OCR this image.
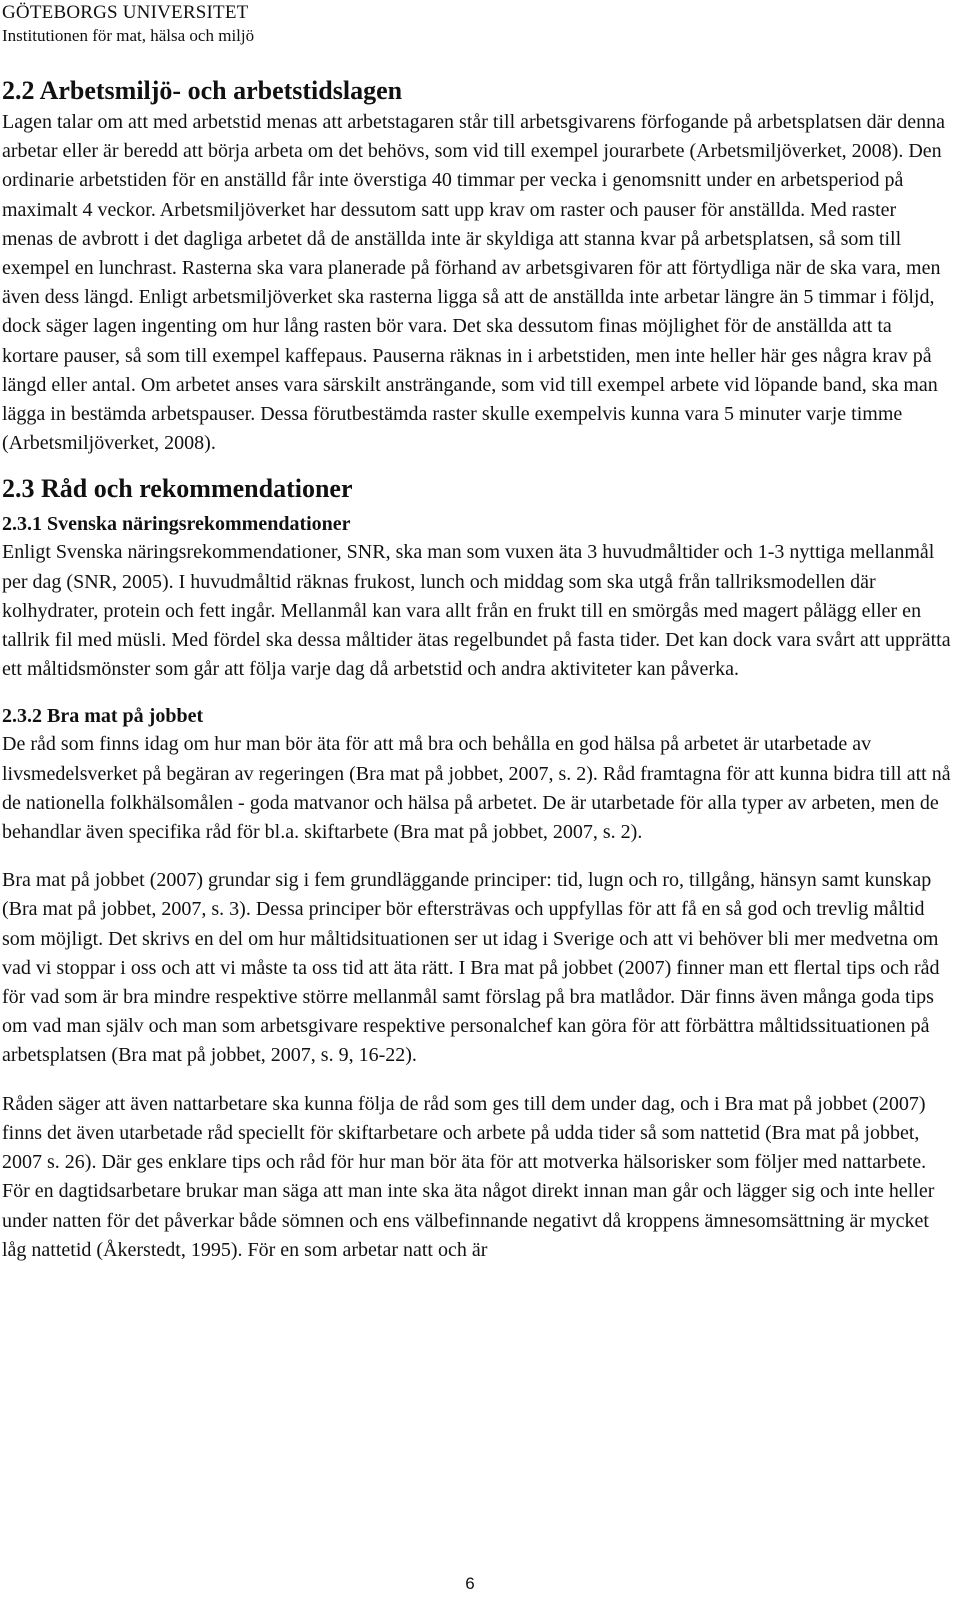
GÖTEBORGS UNIVERSITET
Institutionen för mat, hälsa och miljö
2.2 Arbetsmiljö- och arbetstidslagen

Lagen talar om att med arbetstid menas att arbetstagaren står till arbetsgivarens förfogande på arbetsplatsen där denna arbetar eller är beredd att börja arbeta om det behövs, som vid till exempel jourarbete (Arbetsmiljöverket, 2008). Den ordinarie arbetstiden för en anställd får inte överstiga 40 timmar per vecka i genomsnitt under en arbetsperiod på maximalt 4 veckor. Arbetsmiljöverket har dessutom satt upp krav om raster och pauser för anställda. Med raster menas de avbrott i det dagliga arbetet då de anställda inte är skyldiga att stanna kvar på arbetsplatsen, så som till exempel en lunchrast. Rasterna ska vara planerade på förhand av arbetsgivaren för att förtydliga när de ska vara, men även dess längd. Enligt arbetsmiljöverket ska rasterna ligga så att de anställda inte arbetar längre än 5 timmar i följd, dock säger lagen ingenting om hur lång rasten bör vara. Det ska dessutom finas möjlighet för de anställda att ta kortare pauser, så som till exempel kaffepaus. Pauserna räknas in i arbetstiden, men inte heller här ges några krav på längd eller antal. Om arbetet anses vara särskilt ansträngande, som vid till exempel arbete vid löpande band, ska man lägga in bestämda arbetspauser. Dessa förutbestämda raster skulle exempelvis kunna vara 5 minuter varje timme (Arbetsmiljöverket, 2008).

2.3 Råd och rekommendationer
2.3.1 Svenska näringsrekommendationer

Enligt Svenska näringsrekommendationer, SNR, ska man som vuxen äta 3 huvudmåltider och 1-3 nyttiga mellanmål per dag (SNR, 2005). I huvudmåltid räknas frukost, lunch och middag som ska utgå från tallriksmodellen där kolhydrater, protein och fett ingår. Mellanmål kan vara allt från en frukt till en smörgås med magert pålägg eller en tallrik fil med müsli. Med fördel ska dessa måltider ätas regelbundet på fasta tider. Det kan dock vara svårt att upprätta ett måltidsmönster som går att följa varje dag då arbetstid och andra aktiviteter kan påverka.

2.3.2 Bra mat på jobbet

De råd som finns idag om hur man bör äta för att må bra och behålla en god hälsa på arbetet är utarbetade av livsmedelsverket på begäran av regeringen (Bra mat på jobbet, 2007, s. 2). Råd framtagna för att kunna bidra till att nå de nationella folkhälsomålen - goda matvanor och hälsa på arbetet. De är utarbetade för alla typer av arbeten, men de behandlar även specifika råd för bl.a. skiftarbete (Bra mat på jobbet, 2007, s. 2).

Bra mat på jobbet (2007) grundar sig i fem grundläggande principer: tid, lugn och ro, tillgång, hänsyn samt kunskap (Bra mat på jobbet, 2007, s. 3). Dessa principer bör eftersträvas och uppfyllas för att få en så god och trevlig måltid som möjligt. Det skrivs en del om hur måltidsituationen ser ut idag i Sverige och att vi behöver bli mer medvetna om vad vi stoppar i oss och att vi måste ta oss tid att äta rätt. I Bra mat på jobbet (2007) finner man ett flertal tips och råd för vad som är bra mindre respektive större mellanmål samt förslag på bra matlådor. Där finns även många goda tips om vad man själv och man som arbetsgivare respektive personalchef kan göra för att förbättra måltidssituationen på arbetsplatsen (Bra mat på jobbet, 2007, s. 9, 16-22).

Råden säger att även nattarbetare ska kunna följa de råd som ges till dem under dag, och i Bra mat på jobbet (2007) finns det även utarbetade råd speciellt för skiftarbetare och arbete på udda tider så som nattetid (Bra mat på jobbet, 2007 s. 26). Där ges enklare tips och råd för hur man bör äta för att motverka hälsorisker som följer med nattarbete. För en dagtidsarbetare brukar man säga att man inte ska äta något direkt innan man går och lägger sig och inte heller under natten för det påverkar både sömnen och ens välbefinnande negativt då kroppens ämnesomsättning är mycket låg nattetid (Åkerstedt, 1995). För en som arbetar natt och är

6
